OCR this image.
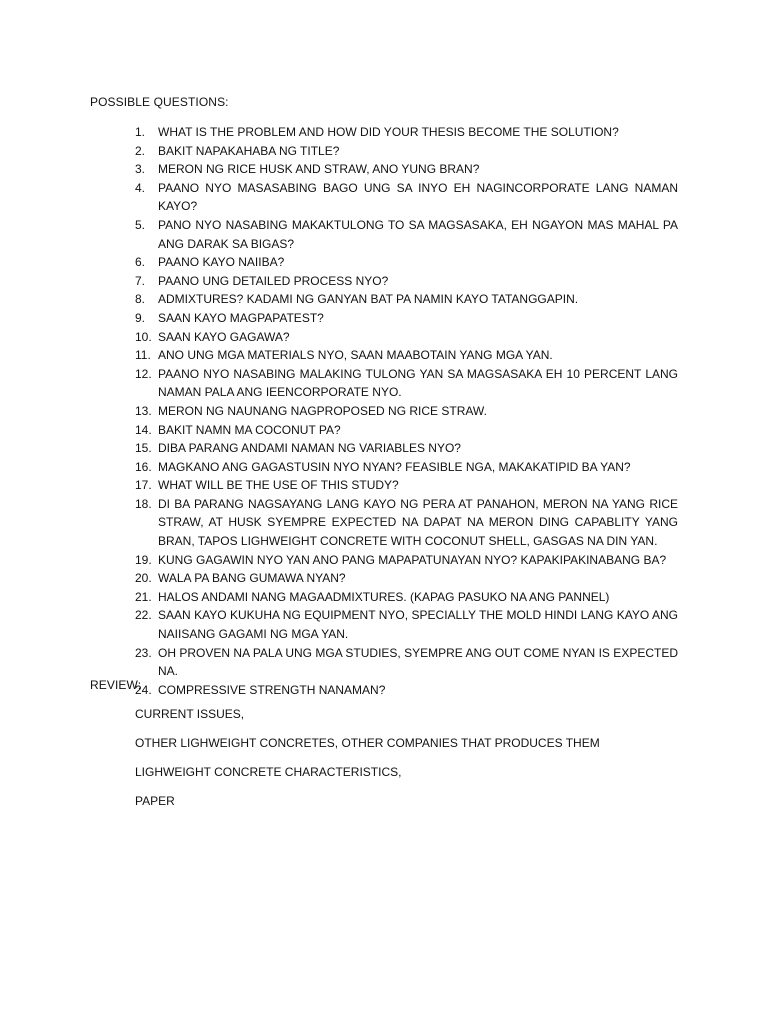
POSSIBLE QUESTIONS:

1. WHAT IS THE PROBLEM AND HOW DID YOUR THESIS BECOME THE SOLUTION?
2. BAKIT NAPAKAHABA NG TITLE?
3. MERON NG RICE HUSK AND STRAW, ANO YUNG BRAN?
4. PAANO NYO MASASABING BAGO UNG SA INYO EH NAGINCORPORATE LANG NAMAN KAYO?
5. PANO NYO NASABING MAKAKTULONG TO SA MAGSASAKA, EH NGAYON MAS MAHAL PA ANG DARAK SA BIGAS?
6. PAANO KAYO NAIIBA?
7. PAANO UNG DETAILED PROCESS NYO?
8. ADMIXTURES? KADAMI NG GANYAN BAT PA NAMIN KAYO TATANGGAPIN.
9. SAAN KAYO MAGPAPATEST?
10. SAAN KAYO GAGAWA?
11. ANO UNG MGA MATERIALS NYO, SAAN MAABOTAIN YANG MGA YAN.
12. PAANO NYO NASABING MALAKING TULONG YAN SA MAGSASAKA EH 10 PERCENT LANG NAMAN PALA ANG IEENCORPORATE NYO.
13. MERON NG NAUNANG NAGPROPOSED NG RICE STRAW.
14. BAKIT NAMN MA COCONUT PA?
15. DIBA PARANG ANDAMI NAMAN NG VARIABLES NYO?
16. MAGKANO ANG GAGASTUSIN NYO NYAN? FEASIBLE NGA, MAKAKATIPID BA YAN?
17. WHAT WILL BE THE USE OF THIS STUDY?
18. DI BA PARANG NAGSAYANG LANG KAYO NG PERA AT PANAHON, MERON NA YANG RICE STRAW, AT HUSK SYEMPRE EXPECTED NA DAPAT NA MERON DING CAPABLITY YANG BRAN, TAPOS LIGHWEIGHT CONCRETE WITH COCONUT SHELL, GASGAS NA DIN YAN.
19. KUNG GAGAWIN NYO YAN ANO PANG MAPAPATUNAYAN NYO? KAPAKIPAKINABANG BA?
20. WALA PA BANG GUMAWA NYAN?
21. HALOS ANDAMI NANG MAGAADMIXTURES. (KAPAG PASUKO NA ANG PANNEL)
22. SAAN KAYO KUKUHA NG EQUIPMENT NYO, SPECIALLY THE MOLD HINDI LANG KAYO ANG NAIISANG GAGAMI NG MGA YAN.
23. OH PROVEN NA PALA UNG MGA STUDIES, SYEMPRE ANG OUT COME NYAN IS EXPECTED NA.
24. COMPRESSIVE STRENGTH NANAMAN?

REVIEW:

CURRENT ISSUES,
OTHER LIGHWEIGHT CONCRETES, OTHER COMPANIES THAT PRODUCES THEM
LIGHWEIGHT CONCRETE CHARACTERISTICS,
PAPER
